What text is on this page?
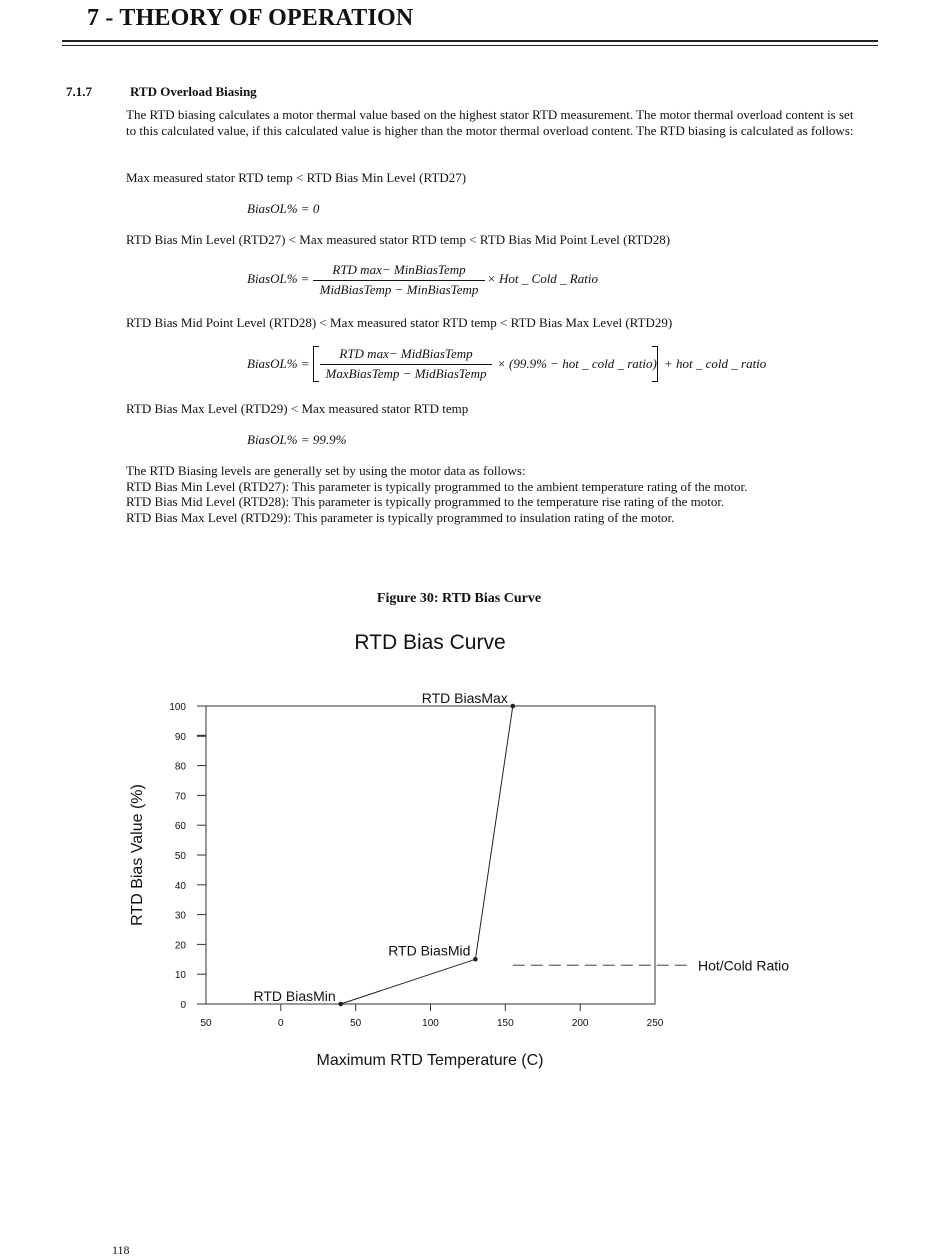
7 - THEORY OF OPERATION
7.1.7	RTD Overload Biasing
The RTD biasing calculates a motor thermal value based on the highest stator RTD measurement. The motor thermal overload content is set to this calculated value, if this calculated value is higher than the motor thermal overload content. The RTD biasing is calculated as follows:
Max measured stator RTD temp < RTD Bias Min Level (RTD27)
BiasOL% = 0
RTD Bias Min Level (RTD27) < Max measured stator RTD temp < RTD Bias Mid Point Level (RTD28)
BiasOL% =
RTD max− MinBiasTemp
MidBiasTemp − MinBiasTemp
× Hot _ Cold _ Ratio
RTD Bias Mid Point Level (RTD28) < Max measured stator RTD temp < RTD Bias Max Level (RTD29)
BiasOL% =
RTD max− MidBiasTemp
MaxBiasTemp − MidBiasTemp
× (99.9% − hot _ cold _ ratio) + hot _ cold _ ratio
RTD Bias Max Level (RTD29) < Max measured stator RTD temp
BiasOL% = 99.9%
The RTD Biasing levels are generally set by using the motor data as follows:
RTD Bias Min Level (RTD27): This parameter is typically programmed to the ambient temperature rating of the motor.
RTD Bias Mid Level (RTD28): This parameter is typically programmed to the temperature rise rating of the motor.
RTD Bias Max Level (RTD29): This parameter is typically programmed to insulation rating of the motor.
Figure 30: RTD Bias Curve
RTD Bias Curve
0
10
20
30
40
50
60
70
80
90
100
50	0	50	100	150	200	250
Maximum RTD Temperature (C)
RTD Bias Value (%)
RTD BiasMin
RTD BiasMid
RTD BiasMax
Hot/Cold Ratio
118
